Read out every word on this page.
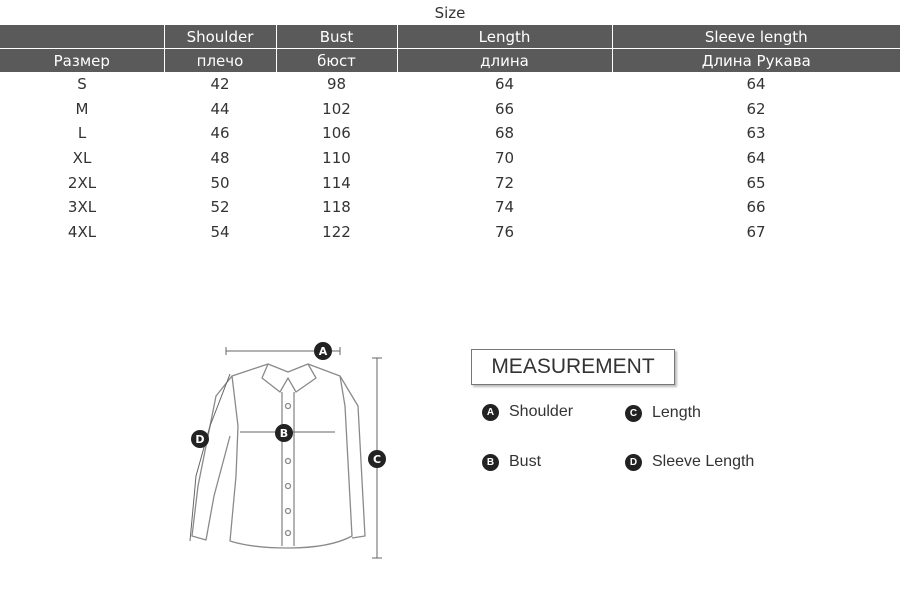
Size
	Shoulder	Bust	Length	Sleeve length
Размер	плечо	бюст	длина	Длина Рукава
S	42	98	64	64
M	44	102	66	62
L	46	106	68	63
XL	48	110	70	64
2XL	50	114	72	65
3XL	52	118	74	66
4XL	54	122	76	67
A
B
C
D
MEASUREMENT
A Shoulder	C Length
B Bust	D Sleeve Length
